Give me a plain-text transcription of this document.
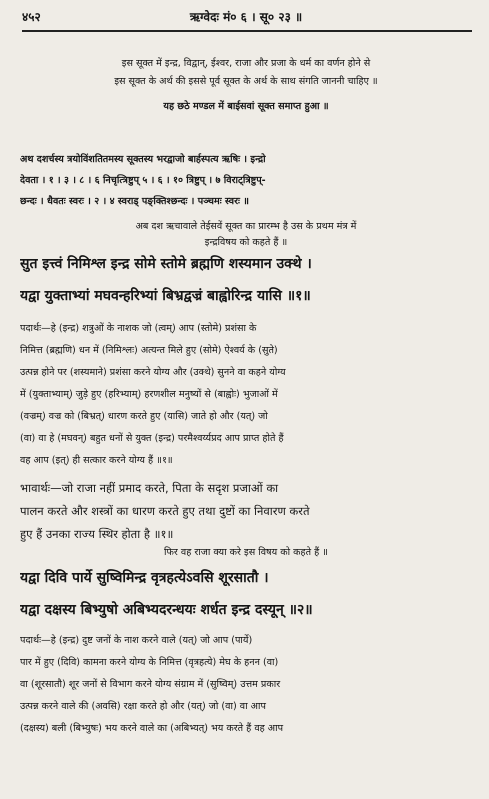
४५२	ऋग्वेदः मं० ६ । सू० २३ ॥
इस सूक्त में इन्द्र, विद्वान्, ईश्वर, राजा और प्रजा के धर्म का वर्णन होने से
इस सूक्त के अर्थ की इससे पूर्व सूक्त के अर्थ के साथ संगति जाननी चाहिए ॥
यह छठे मण्डल में बाईसवां सूक्त समाप्त हुआ ॥
अथ दशर्चस्य त्रयोविंशतितमस्य सूक्तस्य भरद्वाजो बार्हस्पत्य ऋषिः । इन्द्रो
देवता । १ । ३ । ८ । ६ निचृत्त्रिष्टुप् ५ । ६ । १० त्रिष्टुप् । ७ विराट्त्रिष्टुप्-
छन्दः । धैवतः स्वरः । २ । ४ स्वराड् पङ्क्तिश्छन्दः । पञ्चमः स्वरः ॥
अब दश ऋचावाले तेईसवें सूक्त का प्रारम्भ है उस के प्रथम मंत्र में
इन्द्रविषय को कहते हैं ॥
सुत इत्त्वं निमिश्ल इन्द्र सोमे स्तोमे ब्रह्मणि शस्यमान उक्थे ।
यद्वा युक्ताभ्यां मघवन्हरिभ्यां बिभ्रद्वज्रं बाह्वोरिन्द्र यासि ॥१॥
पदार्थः—हे (इन्द्र) शत्रुओं के नाशक जो (त्वम्) आप (स्तोमे) प्रशंसा के
निमित्त (ब्रह्मणि) धन में (निमिश्लः) अत्यन्त मिले हुए (सोमे) ऐश्वर्य के (सुते)
उत्पन्न होने पर (शस्यमाने) प्रशंसा करने योग्य और (उक्थे) सुनने वा कहने योग्य
में (युक्ताभ्याम्) जुड़े हुए (हरिभ्याम्) हरणशील मनुष्यों से (बाह्वोः) भुजाओं में
(वज्रम्) वज्र को (बिभ्रत्) धारण करते हुए (यासि) जाते हो और (यत्) जो
(वा) वा हे (मघवन्) बहुत धनों से युक्त (इन्द्र) परमैश्वर्य्यप्रद आप प्राप्त होते हैं
वह आप (इत्) ही सत्कार करने योग्य हैं ॥१॥
भावार्थः—जो राजा नहीं प्रमाद करते, पिता के सदृश प्रजाओं का
पालन करते और शस्त्रों का धारण करते हुए तथा दुष्टों का निवारण करते
हुए हैं उनका राज्य स्थिर होता है ॥१॥
फिर वह राजा क्या करे इस विषय को कहते हैं ॥
यद्वा दिवि पार्ये सुष्विमिन्द्र वृत्रहत्येऽवसि शूरसातौ ।
यद्वा दक्षस्य बिभ्युषो अबिभ्यदरन्धयः शर्धत इन्द्र दस्यून् ॥२॥
पदार्थः—हे (इन्द्र) दुष्ट जनों के नाश करने वाले (यत्) जो आप (पार्ये)
पार में हुए (दिवि) कामना करने योग्य के निमित्त (वृत्रहत्ये) मेघ के हनन (वा)
वा (शूरसातौ) शूर जनों से विभाग करने योग्य संग्राम में (सुष्विम्) उत्तम प्रकार
उत्पन्न करने वाले की (अवसि) रक्षा करते हो और (यत्) जो (वा) वा आप
(दक्षस्य) बली (बिभ्युषः) भय करने वाले का (अबिभ्यत्) भय करते हैं वह आप
